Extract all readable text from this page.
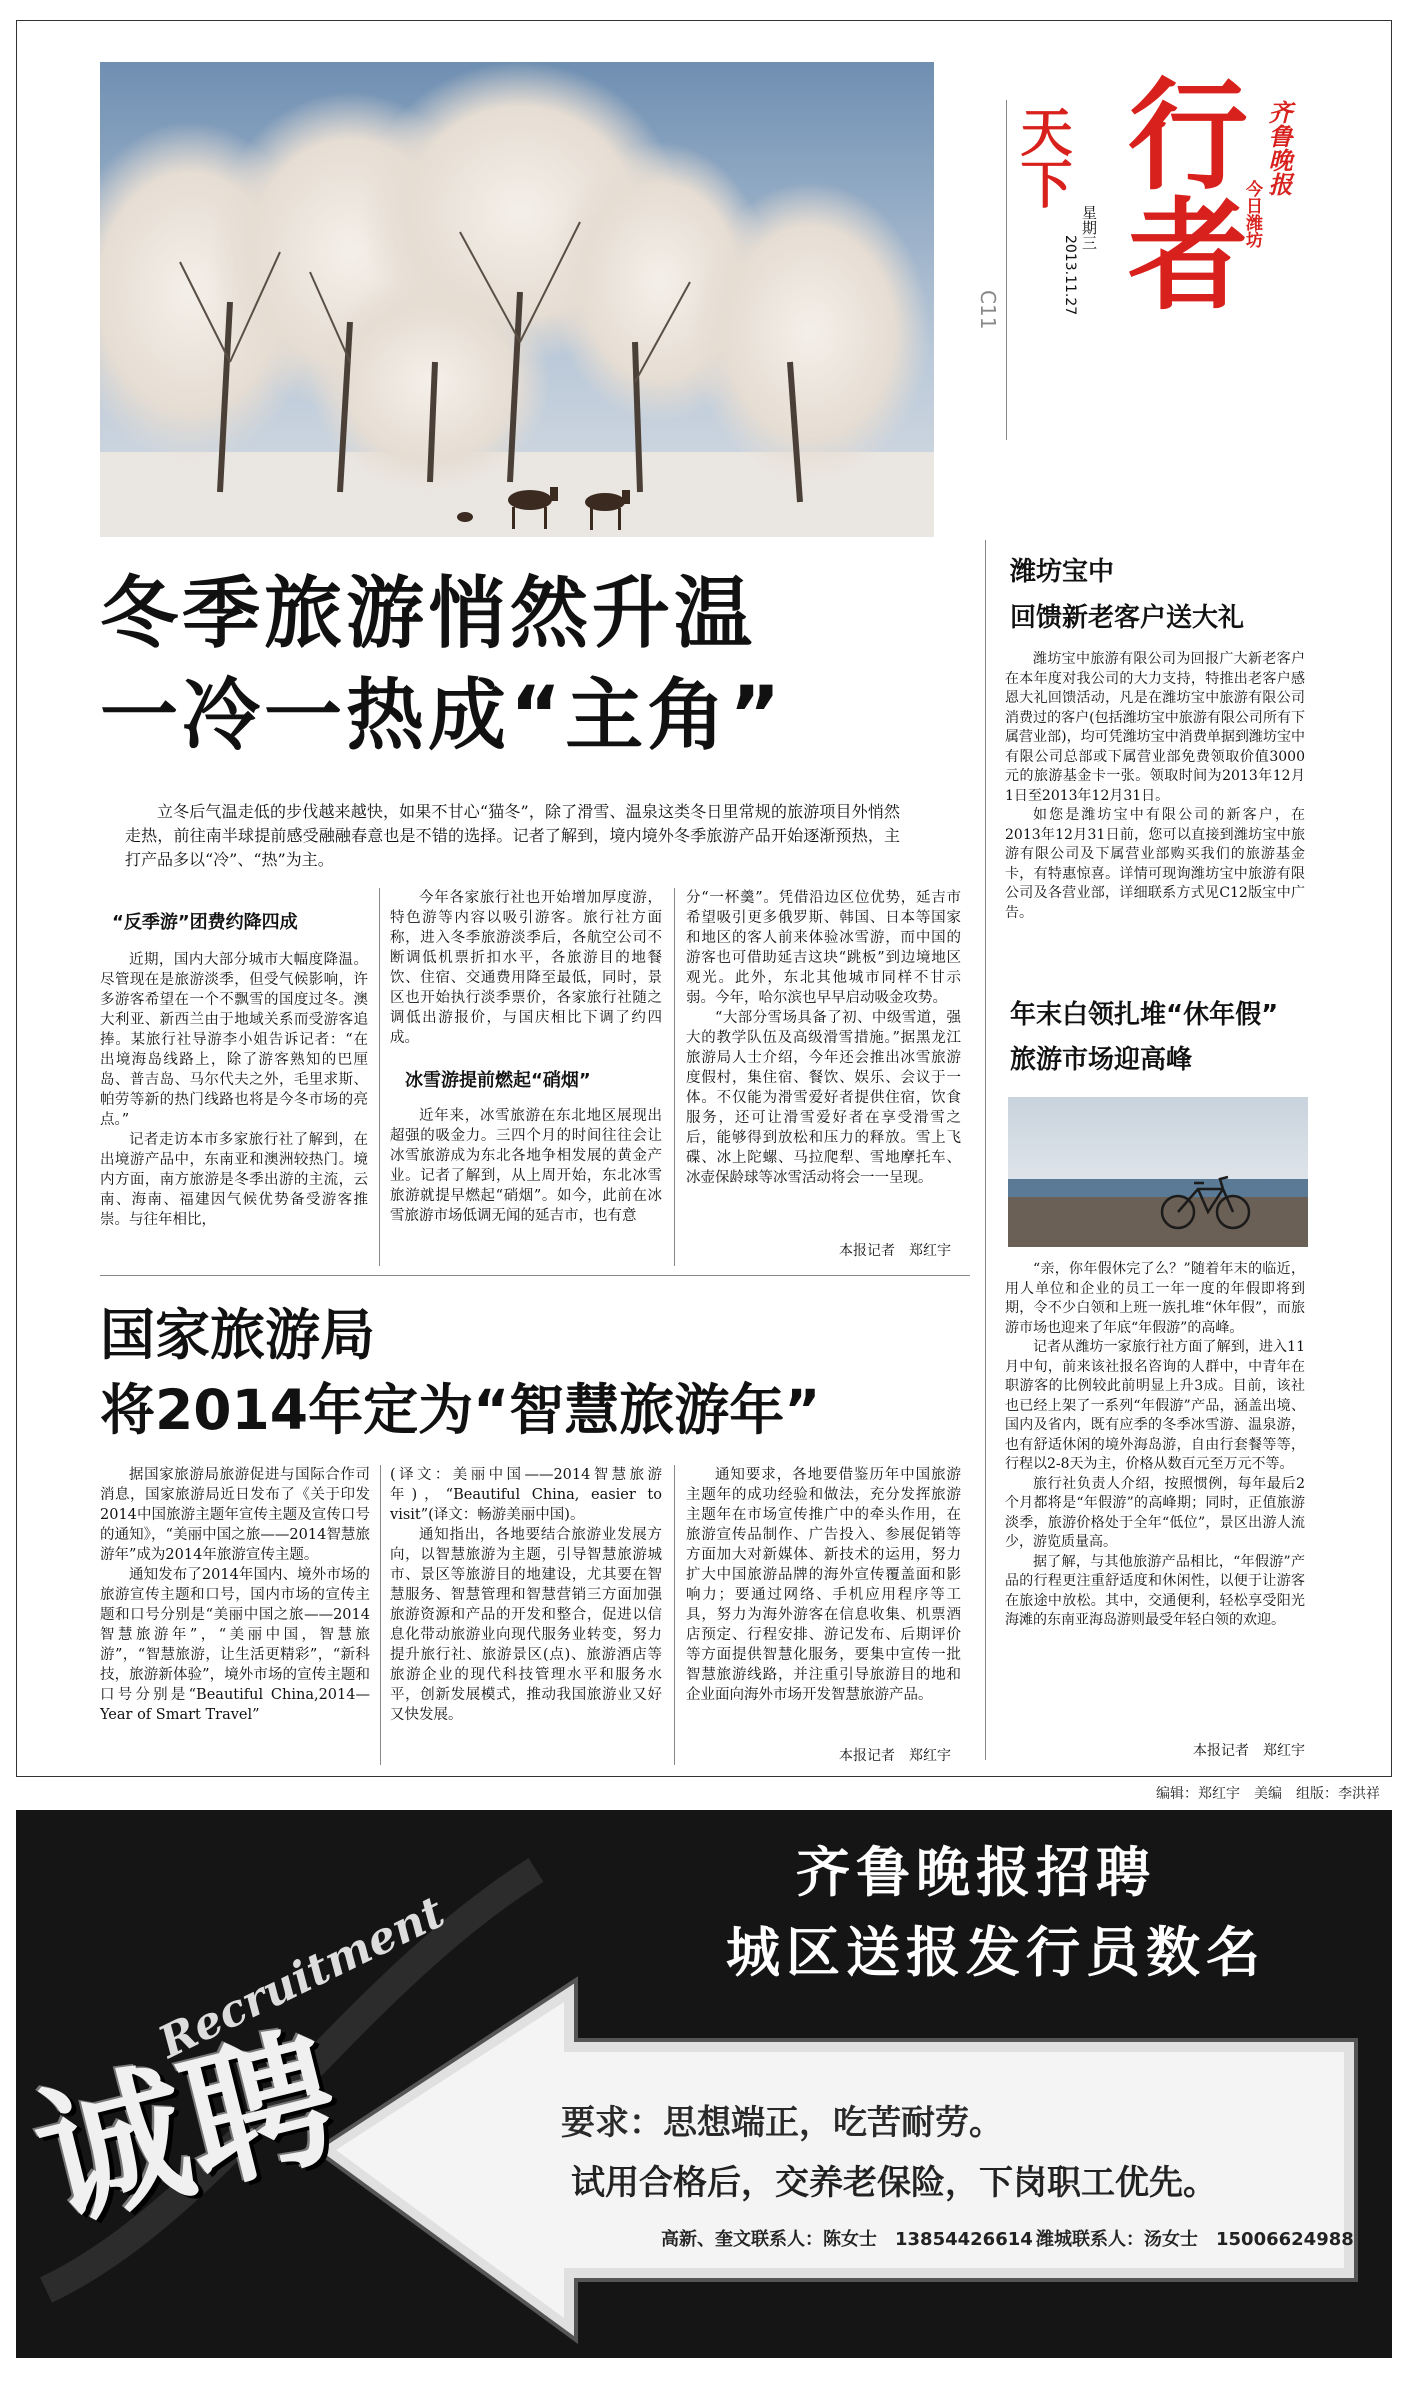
天下 行者 齐鲁晚报
今日潍坊
星期三
2013.11.27
C11
冬季旅游悄然升温
一冷一热成“主角”
立冬后气温走低的步伐越来越快，如果不甘心“猫冬”，除了滑雪、温泉这类冬日里常规的旅游项目外悄然走热，前往南半球提前感受融融春意也是不错的选择。记者了解到，境内境外冬季旅游产品开始逐渐预热，主打产品多以“冷”、“热”为主。
“反季游”团费约降四成

近期，国内大部分城市大幅度降温。尽管现在是旅游淡季，但受气候影响，许多游客希望在一个不飘雪的国度过冬。澳大利亚、新西兰由于地域关系而受游客追捧。某旅行社导游李小姐告诉记者：“在出境海岛线路上，除了游客熟知的巴厘岛、普吉岛、马尔代夫之外，毛里求斯、帕劳等新的热门线路也将是今冬市场的亮点。”

记者走访本市多家旅行社了解到，在出境游产品中，东南亚和澳洲较热门。境内方面，南方旅游是冬季出游的主流，云南、海南、福建因气候优势备受游客推崇。与往年相比，

今年各家旅行社也开始增加厚度游，特色游等内容以吸引游客。旅行社方面称，进入冬季旅游淡季后，各航空公司不断调低机票折扣水平，各旅游目的地餐饮、住宿、交通费用降至最低，同时，景区也开始执行淡季票价，各家旅行社随之调低出游报价，与国庆相比下调了约四成。

冰雪游提前燃起“硝烟”

近年来，冰雪旅游在东北地区展现出超强的吸金力。三四个月的时间往往会让冰雪旅游成为东北各地争相发展的黄金产业。记者了解到，从上周开始，东北冰雪旅游就提早燃起“硝烟”。如今，此前在冰雪旅游市场低调无闻的延吉市，也有意

分“一杯羹”。凭借沿边区位优势，延吉市希望吸引更多俄罗斯、韩国、日本等国家和地区的客人前来体验冰雪游，而中国的游客也可借助延吉这块“跳板”到边境地区观光。此外，东北其他城市同样不甘示弱。今年，哈尔滨也早早启动吸金攻势。

“大部分雪场具备了初、中级雪道，强大的教学队伍及高级滑雪措施。”据黑龙江旅游局人士介绍，今年还会推出冰雪旅游度假村，集住宿、餐饮、娱乐、会议于一体。不仅能为滑雪爱好者提供住宿，饮食服务，还可让滑雪爱好者在享受滑雪之后，能够得到放松和压力的释放。雪上飞碟、冰上陀螺、马拉爬犁、雪地摩托车、冰壶保龄球等冰雪活动将会一一呈现。

本报记者　郑红宇
国家旅游局
将2014年定为“智慧旅游年”

据国家旅游局旅游促进与国际合作司消息，国家旅游局近日发布了《关于印发2014中国旅游主题年宣传主题及宣传口号的通知》，“美丽中国之旅——2014智慧旅游年”成为2014年旅游宣传主题。

通知发布了2014年国内、境外市场的旅游宣传主题和口号，国内市场的宣传主题和口号分别是“美丽中国之旅——2014智慧旅游年”，“美丽中国，智慧旅游”，“智慧旅游，让生活更精彩”，“新科技，旅游新体验”，境外市场的宣传主题和口号分别是“Beautiful China,2014—Year of Smart Travel”

(译文：美丽中国——2014智慧旅游年)，“Beautiful China, easier to visit”(译文：畅游美丽中国)。

通知指出，各地要结合旅游业发展方向，以智慧旅游为主题，引导智慧旅游城市、景区等旅游目的地建设，尤其要在智慧服务、智慧管理和智慧营销三方面加强旅游资源和产品的开发和整合，促进以信息化带动旅游业向现代服务业转变，努力提升旅行社、旅游景区(点)、旅游酒店等旅游企业的现代科技管理水平和服务水平，创新发展模式，推动我国旅游业又好又快发展。

通知要求，各地要借鉴历年中国旅游主题年的成功经验和做法，充分发挥旅游主题年在市场宣传推广中的牵头作用，在旅游宣传品制作、广告投入、参展促销等方面加大对新媒体、新技术的运用，努力扩大中国旅游品牌的海外宣传覆盖面和影响力；要通过网络、手机应用程序等工具，努力为海外游客在信息收集、机票酒店预定、行程安排、游记发布、后期评价等方面提供智慧化服务，要集中宣传一批智慧旅游线路，并注重引导旅游目的地和企业面向海外市场开发智慧旅游产品。

本报记者　郑红宇
潍坊宝中
回馈新老客户送大礼

潍坊宝中旅游有限公司为回报广大新老客户在本年度对我公司的大力支持，特推出老客户感恩大礼回馈活动，凡是在潍坊宝中旅游有限公司消费过的客户(包括潍坊宝中旅游有限公司所有下属营业部)，均可凭潍坊宝中消费单据到潍坊宝中有限公司总部或下属营业部免费领取价值3000元的旅游基金卡一张。领取时间为2013年12月1日至2013年12月31日。

如您是潍坊宝中有限公司的新客户，在2013年12月31日前，您可以直接到潍坊宝中旅游有限公司及下属营业部购买我们的旅游基金卡，有特惠惊喜。详情可现询潍坊宝中旅游有限公司及各营业部，详细联系方式见C12版宝中广告。

年末白领扎堆“休年假”
旅游市场迎高峰

“亲，你年假休完了么？”随着年末的临近，用人单位和企业的员工一年一度的年假即将到期，令不少白领和上班一族扎堆“休年假”，而旅游市场也迎来了年底“年假游”的高峰。

记者从潍坊一家旅行社方面了解到，进入11月中旬，前来该社报名咨询的人群中，中青年在职游客的比例较此前明显上升3成。目前，该社也已经上架了一系列“年假游”产品，涵盖出境、国内及省内，既有应季的冬季冰雪游、温泉游，也有舒适休闲的境外海岛游，自由行套餐等等，行程以2-8天为主，价格从数百元至万元不等。

旅行社负责人介绍，按照惯例，每年最后2个月都将是“年假游”的高峰期；同时，正值旅游淡季，旅游价格处于全年“低位”，景区出游人流少，游览质量高。

据了解，与其他旅游产品相比，“年假游”产品的行程更注重舒适度和休闲性，以便于让游客在旅途中放松。其中，交通便利，轻松享受阳光海滩的东南亚海岛游则最受年轻白领的欢迎。

本报记者　郑红宇
编辑：郑红宇　美编　组版：李洪祥
诚聘
Recruitment
齐鲁晚报招聘
城区送报发行员数名
要求：思想端正，吃苦耐劳。
试用合格后，交养老保险，下岗职工优先。
高新、奎文联系人：陈女士　13854426614 潍城联系人：汤女士　15006624988
